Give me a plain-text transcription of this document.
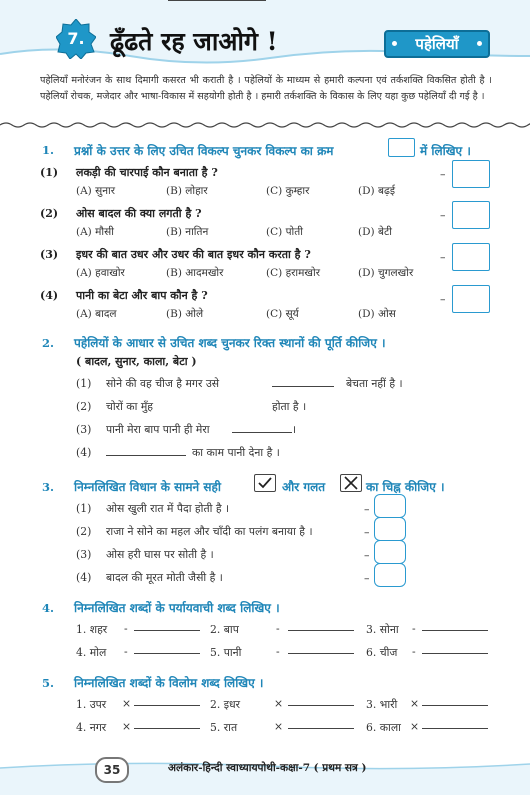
7.	ढूँढते रह जाओगे !	पहेलियाँ
पहेलियाँ मनोरंजन के साथ दिमागी कसरत भी कराती है । पहेलियों के माध्यम से हमारी कल्पना एवं तर्कशक्ति विकसित होती है । पहेलियाँ रोचक, मजेदार और भाषा-विकास में सहयोगी होती है । हमारी तर्कशक्ति के विकास के लिए यहा कुछ पहेलियाँ दी गई है ।
1. प्रश्नों के उत्तर के लिए उचित विकल्प चुनकर विकल्प का क्रम	में लिखिए ।
(1) लकड़ी की चारपाई कौन बनाता है ?
(A) सुनार	(B) लोहार	(C) कुम्हार	(D) बढ़ई
–
(2) ओस बादल की क्या लगती है ?
(A) मौसी	(B) नातिन	(C) पोती	(D) बेटी
–
(3) इधर की बात उधर और उधर की बात इधर कौन करता है ?
(A) हवाखोर	(B) आदमखोर	(C) हरामखोर	(D) चुगलखोर
–
(4) पानी का बेटा और बाप कौन है ?
(A) बादल	(B) ओले	(C) सूर्य	(D) ओस
–
2. पहेलियों के आधार से उचित शब्द चुनकर रिक्त स्थानों की पूर्ति कीजिए ।
( बादल, सुनार, काला, बेटा )
(1) सोने की वह चीज है मगर उसे	बेचता नहीं है ।
(2) चोरों का मुँह	होता है ।
(3) पानी मेरा बाप पानी ही मेरा	।
(4)	का काम पानी देना है ।
3. निम्नलिखित विधान के सामने सही	और गलत	का चिह्न कीजिए ।
(1) ओस खुली रात में पैदा होती है ।	–
(2) राजा ने सोने का महल और चाँदी का पलंग बनाया है ।	–
(3) ओस हरी घास पर सोती है ।	–
(4) बादल की मूरत मोती जैसी है ।	–
4. निम्नलिखित शब्दों के पर्यायवाची शब्द लिखिए ।
1. शहर -	2. बाप	-	3. सोना -
4. मोल -	5. पानी	-	6. चीज -
5. निम्नलिखित शब्दों के विलोम शब्द लिखिए ।
1. उपर ×	2. इधर	×	3. भारी ×
4. नगर ×	5. रात	×	6. काला ×
35	अलंकार-हिन्दी स्वाध्यायपोथी-कक्षा-7 ( प्रथम सत्र )
